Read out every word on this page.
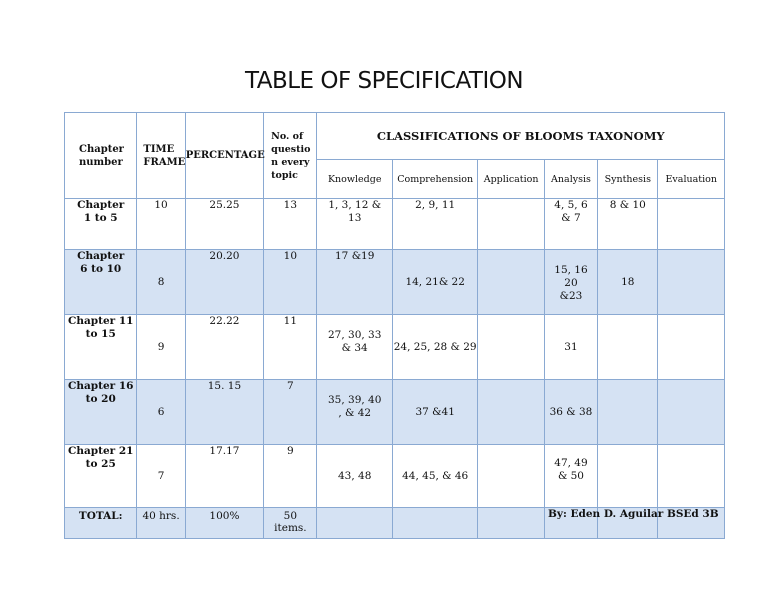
TABLE OF SPECIFICATION
Chapter number	TIME FRAME	PERCENTAGE	No. of questio n every topic	CLASSIFICATIONS OF BLOOMS TAXONOMY					
				Knowledge	Comprehension	Application	Analysis	Synthesis	Evaluation
Chapter 1 to 5	10	25.25	13	1, 3, 12 & 13	2, 9, 11		4, 5, 6 & 7	8 & 10	
Chapter 6 to 10	8	20.20	10	17 &19	14, 21& 22		15, 16 20 &23	18	
Chapter 11 to 15	9	22.22	11	27, 30, 33 & 34	24, 25, 28 & 29		31		
Chapter 16 to 20	6	15. 15	7	35, 39, 40 , & 42	37 &41		36 & 38		
Chapter 21 to 25	7	17.17	9	43, 48	44, 45, & 46		47, 49 & 50		
TOTAL:	40 hrs.	100%	50 items.						
By: Eden D. Aguilar BSEd 3B
